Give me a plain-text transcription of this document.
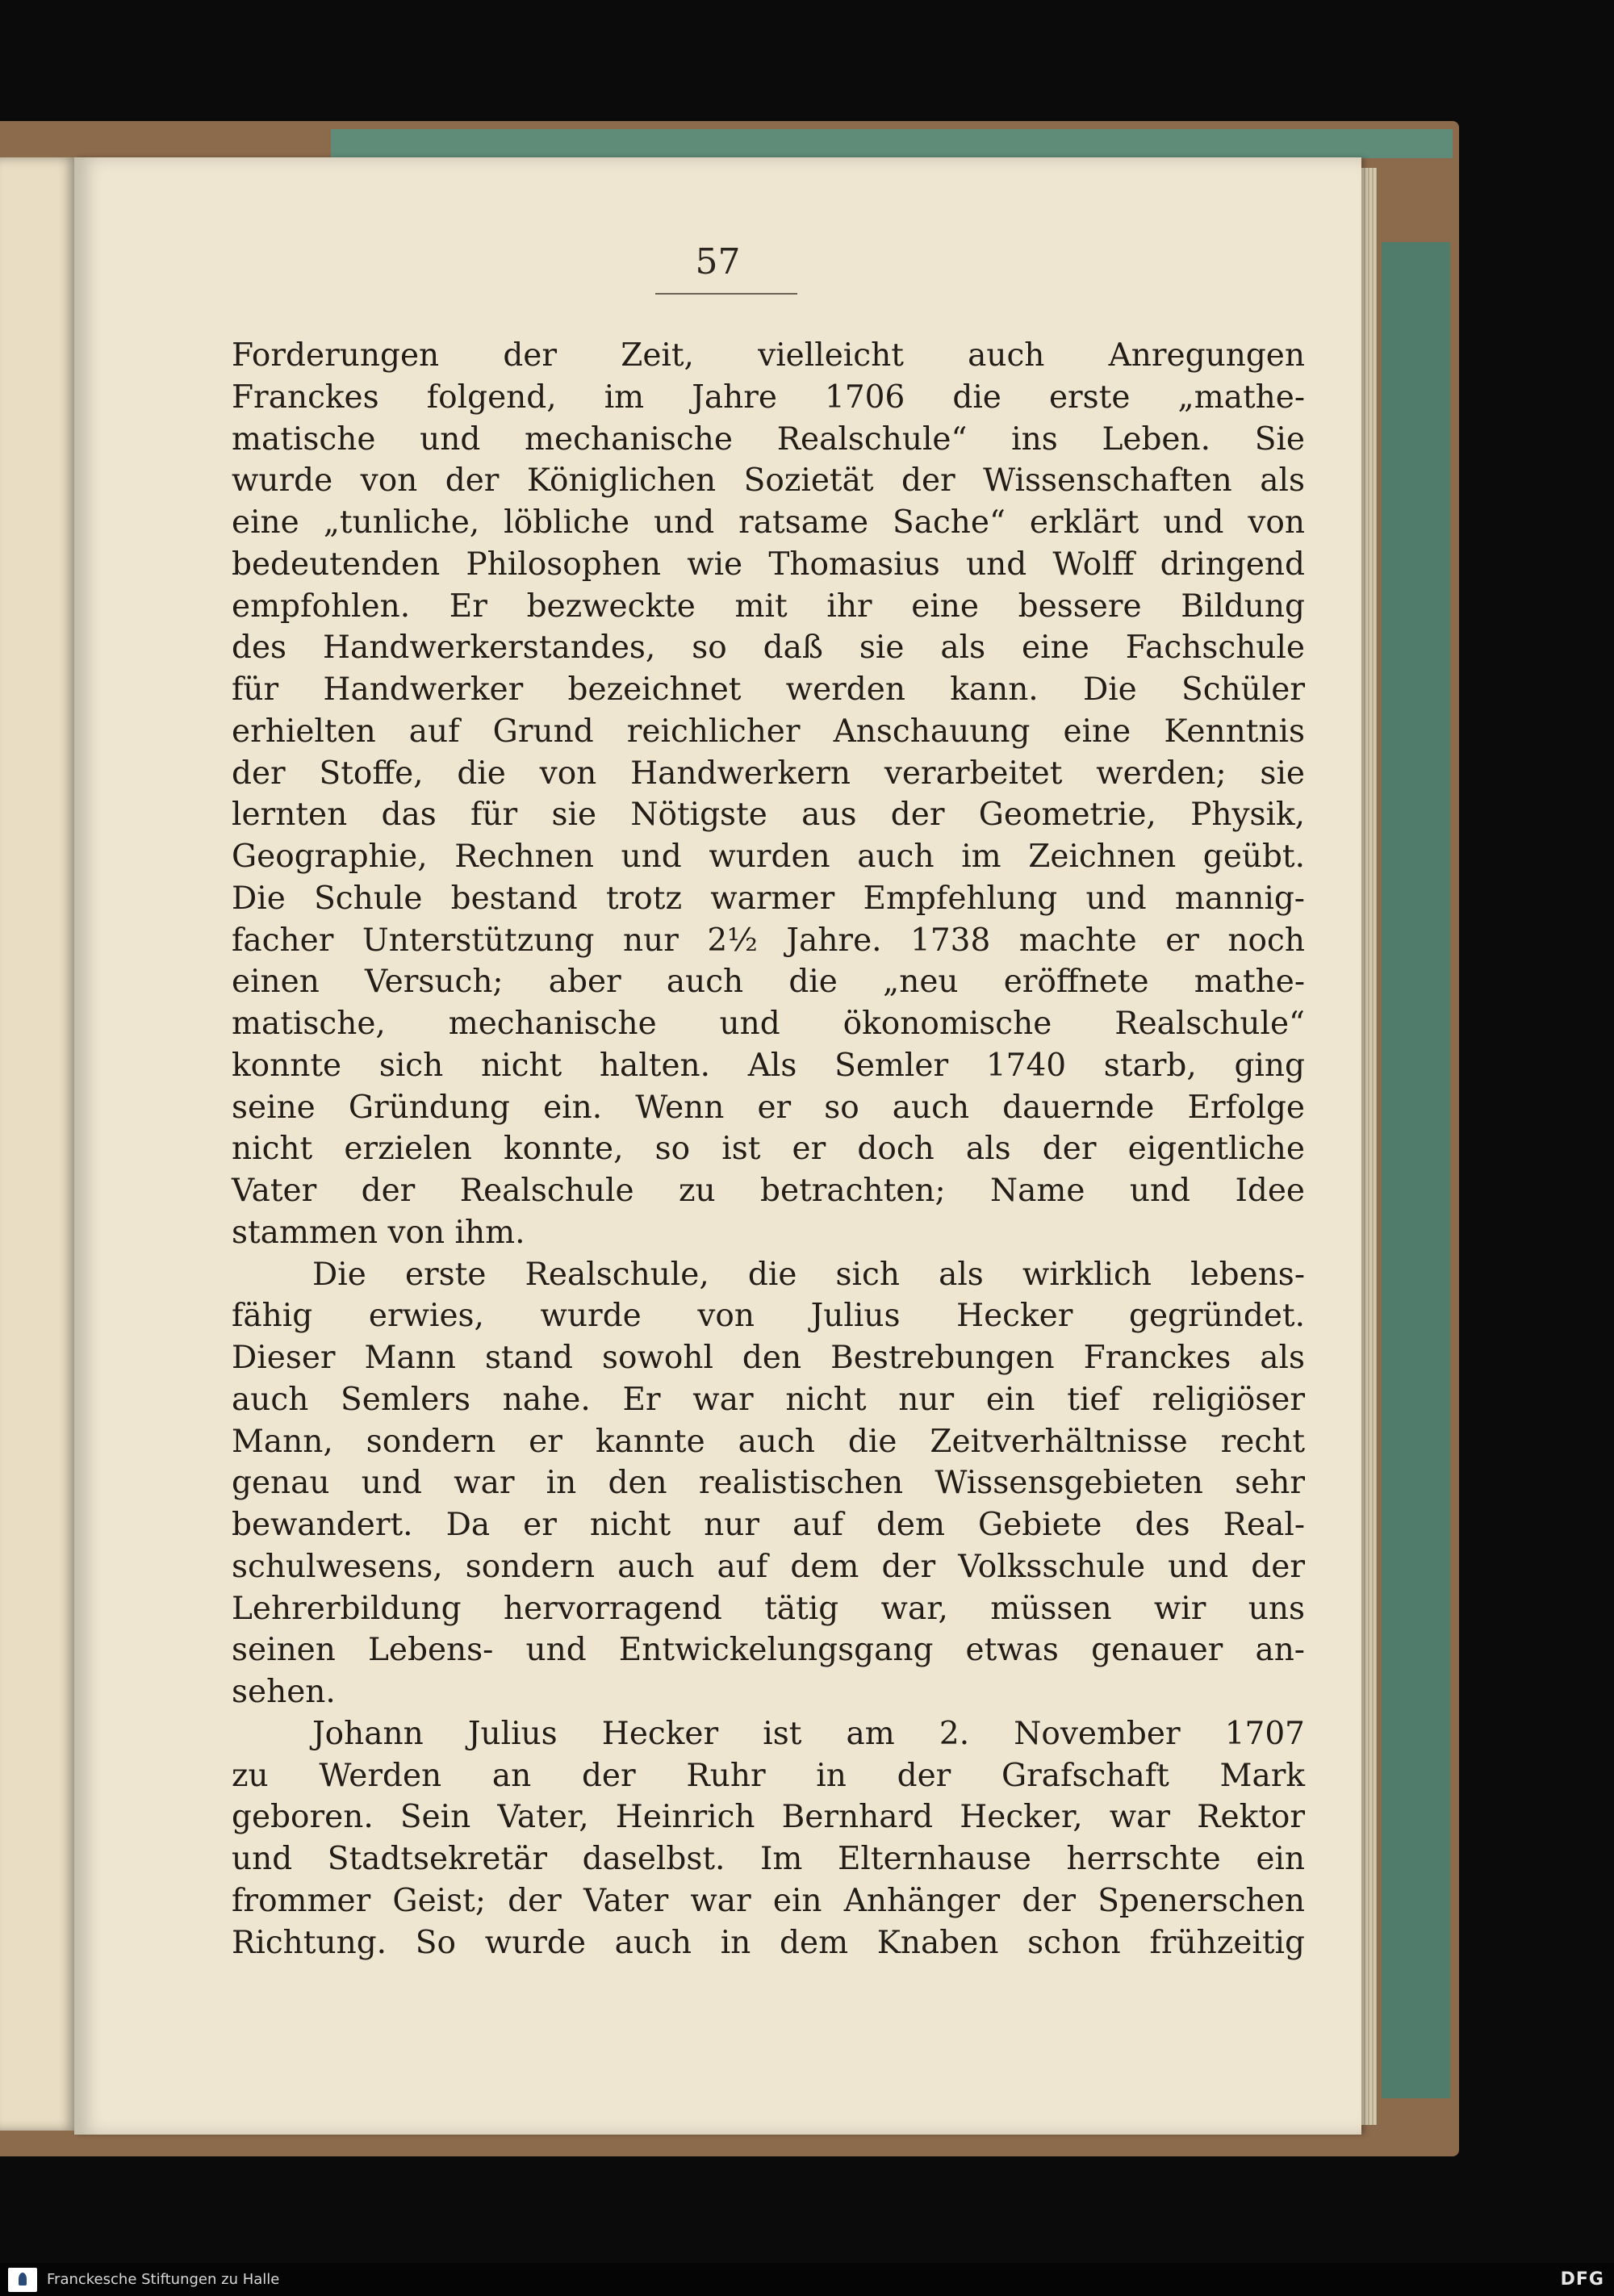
57
Forderungen der Zeit, vielleicht auch Anregungen
Franckes folgend, im Jahre 1706 die erste „mathe-
matische und mechanische Realschule“ ins Leben. Sie
wurde von der Königlichen Sozietät der Wissenschaften als
eine „tunliche, löbliche und ratsame Sache“ erklärt und von
bedeutenden Philosophen wie Thomasius und Wolff dringend
empfohlen. Er bezweckte mit ihr eine bessere Bildung
des Handwerkerstandes, so daß sie als eine Fachschule
für Handwerker bezeichnet werden kann. Die Schüler
erhielten auf Grund reichlicher Anschauung eine Kenntnis
der Stoffe, die von Handwerkern verarbeitet werden; sie
lernten das für sie Nötigste aus der Geometrie, Physik,
Geographie, Rechnen und wurden auch im Zeichnen geübt.
Die Schule bestand trotz warmer Empfehlung und mannig-
facher Unterstützung nur 2½ Jahre. 1738 machte er noch
einen Versuch; aber auch die „neu eröffnete mathe-
matische, mechanische und ökonomische Realschule“
konnte sich nicht halten. Als Semler 1740 starb, ging
seine Gründung ein. Wenn er so auch dauernde Erfolge
nicht erzielen konnte, so ist er doch als der eigentliche
Vater der Realschule zu betrachten; Name und Idee
stammen von ihm.
Die erste Realschule, die sich als wirklich lebens-
fähig erwies, wurde von Julius Hecker gegründet.
Dieser Mann stand sowohl den Bestrebungen Franckes als
auch Semlers nahe. Er war nicht nur ein tief religiöser
Mann, sondern er kannte auch die Zeitverhältnisse recht
genau und war in den realistischen Wissensgebieten sehr
bewandert. Da er nicht nur auf dem Gebiete des Real-
schulwesens, sondern auch auf dem der Volksschule und der
Lehrerbildung hervorragend tätig war, müssen wir uns
seinen Lebens- und Entwickelungsgang etwas genauer an-
sehen.
Johann Julius Hecker ist am 2. November 1707
zu Werden an der Ruhr in der Grafschaft Mark
geboren. Sein Vater, Heinrich Bernhard Hecker, war Rektor
und Stadtsekretär daselbst. Im Elternhause herrschte ein
frommer Geist; der Vater war ein Anhänger der Spenerschen
Richtung. So wurde auch in dem Knaben schon frühzeitig
Franckesche Stiftungen zu Halle	DFG
